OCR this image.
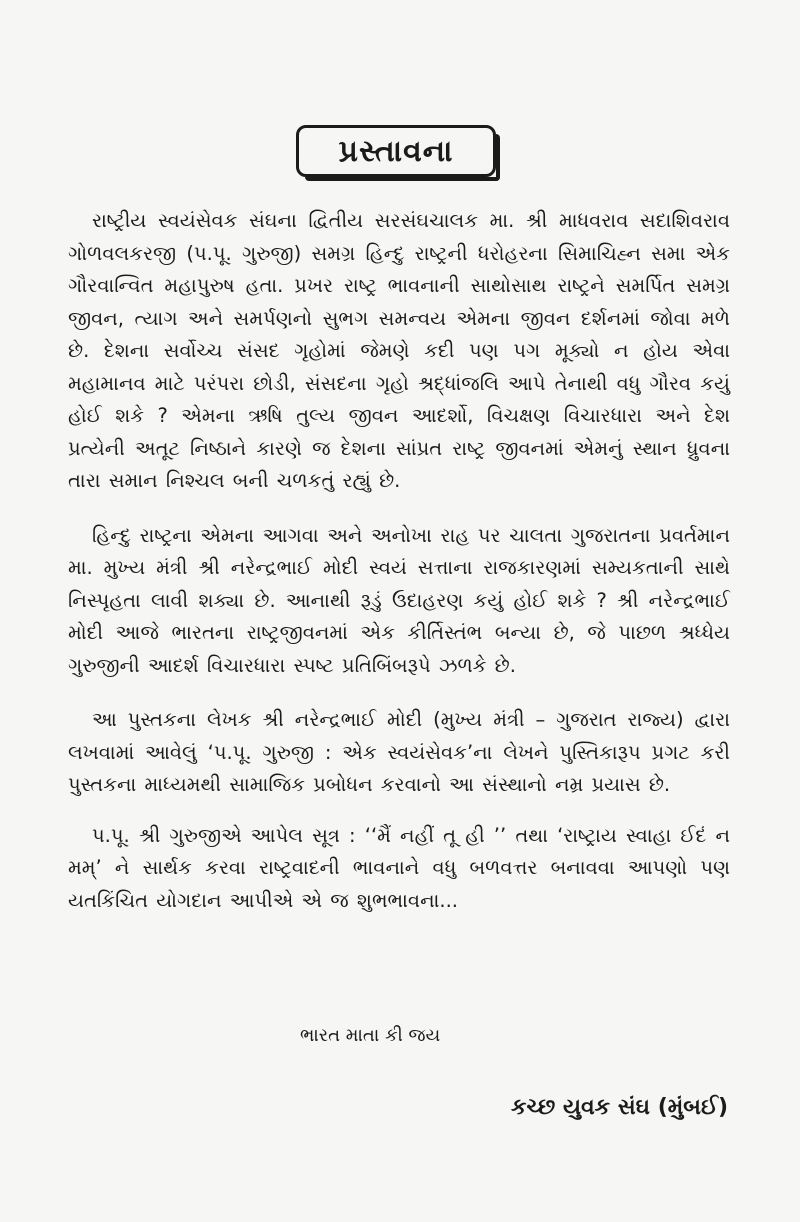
પ્રસ્તાવના

રાષ્ટ્રીય સ્વયંસેવક સંઘના દ્વિતીય સરસંઘચાલક મા. શ્રી માધવરાવ સદાશિવરાવ ગોળવલકરજી (પ.પૂ. ગુરુજી) સમગ્ર હિન્દુ રાષ્ટ્રની ધરોહરના સિમાચિહ્ન સમા એક ગૌરવાન્વિત મહાપુરુષ હતા. પ્રખર રાષ્ટ્ર ભાવનાની સાથોસાથ રાષ્ટ્રને સમર્પિત સમગ્ર જીવન, ત્યાગ અને સમર્પણનો સુભગ સમન્વય એમના જીવન દર્શનમાં જોવા મળે છે. દેશના સર્વોચ્ચ સંસદ ગૃહોમાં જેમણે કદી પણ પગ મૂક્યો ન હોય એવા મહામાનવ માટે પરંપરા છોડી, સંસદના ગૃહો શ્રદ્ધાંજલિ આપે તેનાથી વધુ ગૌરવ કયું હોઈ શકે ? એમના ઋષિ તુલ્ય જીવન આદર્શો, વિચક્ષણ વિચારધારા અને દેશ પ્રત્યેની અતૂટ નિષ્ઠાને કારણે જ દેશના સાંપ્રત રાષ્ટ્ર જીવનમાં એમનું સ્થાન ધ્રુવના તારા સમાન નિશ્ચલ બની ચળકતું રહ્યું છે.

હિન્દુ રાષ્ટ્રના એમના આગવા અને અનોખા રાહ પર ચાલતા ગુજરાતના પ્રવર્તમાન મા. મુખ્ય મંત્રી શ્રી નરેન્દ્રભાઈ મોદી સ્વયં સત્તાના રાજકારણમાં સમ્યકતાની સાથે નિસ્પૃહતા લાવી શક્યા છે. આનાથી રૂડું ઉદાહરણ કયું હોઈ શકે ? શ્રી નરેન્દ્રભાઈ મોદી આજે ભારતના રાષ્ટ્રજીવનમાં એક કીર્તિસ્તંભ બન્યા છે, જે પાછળ શ્રધ્ધેય ગુરુજીની આદર્શ વિચારધારા સ્પષ્ટ પ્રતિબિંબરૂપે ઝળકે છે.

આ પુસ્તકના લેખક શ્રી નરેન્દ્રભાઈ મોદી (મુખ્ય મંત્રી – ગુજરાત રાજ્ય) દ્વારા લખવામાં આવેલું ‘પ.પૂ. ગુરુજી : એક સ્વયંસેવક’ના લેખને પુસ્તિકારૂપ પ્રગટ કરી પુસ્તકના માધ્યમથી સામાજિક પ્રબોધન કરવાનો આ સંસ્થાનો નમ્ર પ્રયાસ છે.

પ.પૂ. શ્રી ગુરુજીએ આપેલ સૂત્ર : ‘‘મૈં નહીં તૂ હી ’’ તથા ‘રાષ્ટ્રાય સ્વાહા ઈદં ન મમ્’ ને સાર્થક કરવા રાષ્ટ્રવાદની ભાવનાને વધુ બળવત્તર બનાવવા આપણો પણ યતકિંચિત યોગદાન આપીએ એ જ શુભભાવના...

ભારત માતા કી જય
કચ્છ યુવક સંઘ (મુંબઈ)
